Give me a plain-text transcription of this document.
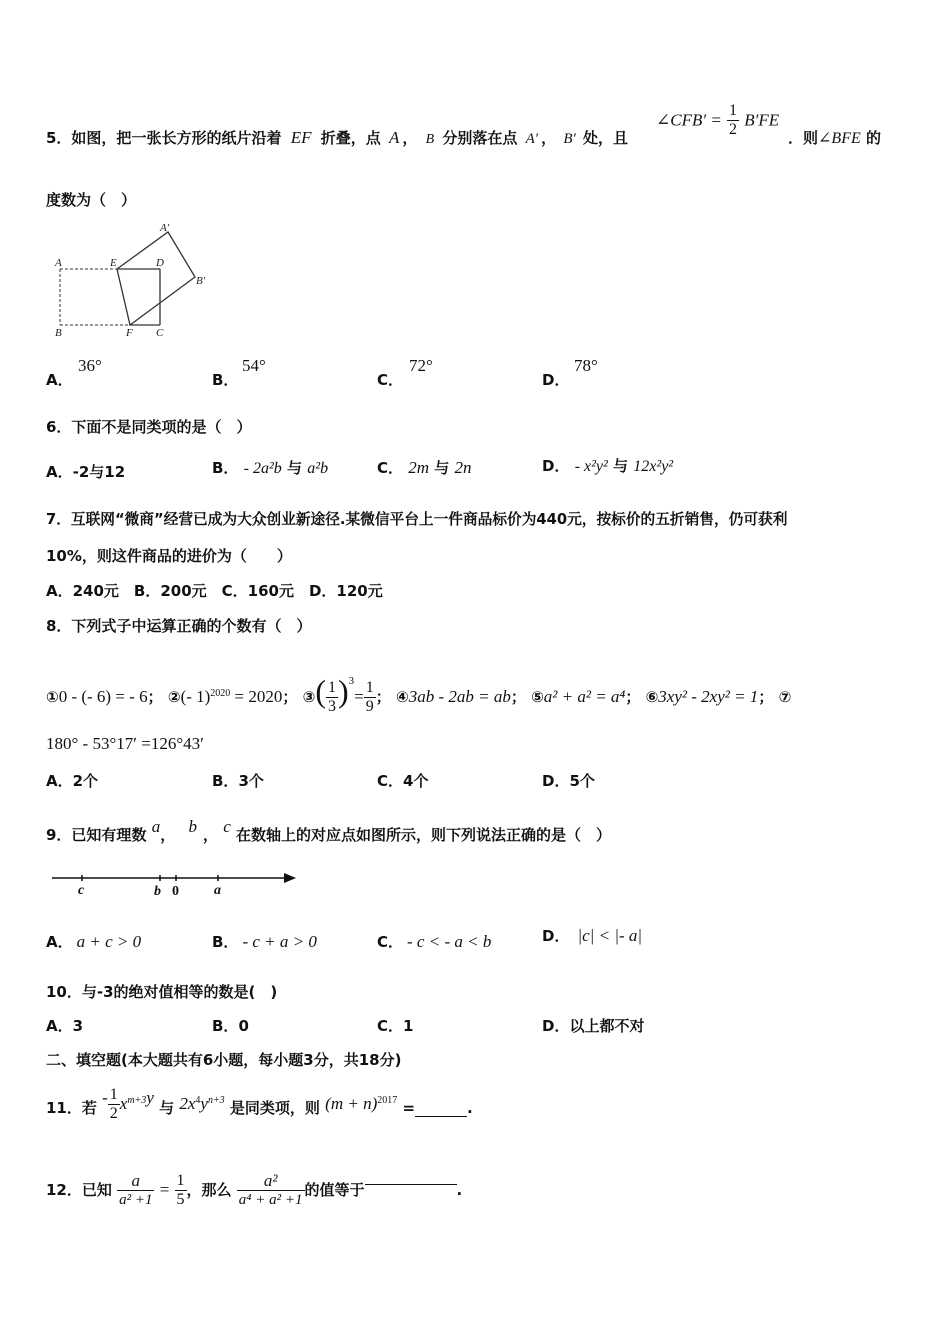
5．如图，把一张长方形的纸片沿着 EF 折叠，点 A ， B 分别落在点 A′ ， B′ 处，且
∠CFB′ = $\frac{1}{2} B'FE$
．则∠BFE 的
度数为（　）
A
B
E	D
F C
A′
B′
A．
36°
B．
54°
C．
72°
D．
78°
6．下面不是同类项的是（　）
A．-2与12	B． - 2a²b 与 a²b	C． 2m 与 2n	D． - x²y² 与 12x²y²
7．互联网“微商”经营已成为大众创业新途径.某微信平台上一件商品标价为440元，按标价的五折销售，仍可获利
10%，则这件商品的进价为（　　）
A．240元　B．200元　C．160元　D．120元
8．下列式子中运算正确的个数有（　）
①0 - (- 6) = - 6； ②(- 1)$^{2020}$ = 2020； ③( $\frac{1}{3} )^3= \frac{1}{9}$ ； ④3ab - 2ab = ab； ⑤a² + a² = a⁴； ⑥3xy² - 2xy² = 1； ⑦
180° - 53°17′ =126°43′
A．2个	B．3个	C．4个	D．5个
9．已知有理数 a， b ， c 在数轴上的对应点如图所示，则下列说法正确的是（　）
c	b 0	a
A． a + c > 0	B． - c + a > 0	C． - c < - a < b	D． |c| < |- a|
10．与-3的绝对值相等的数是(　)
A．3	B．0	C．1	D．以上都不对
二、填空题(本大题共有6小题，每小题3分，共18分)
11．若 - $\frac{1}{2} x^{m+3}y$ 与 $2x^4y^{n+3}$ 是同类项，则 $(m + n)^{2017}$ =	.
12．已知 $\frac{a}{\text{a² +1}} = \frac{1}{5}$ ，那么 $\frac{\text{a²}}{\text{a⁴ + a² +1}}$ 的值等于	.
